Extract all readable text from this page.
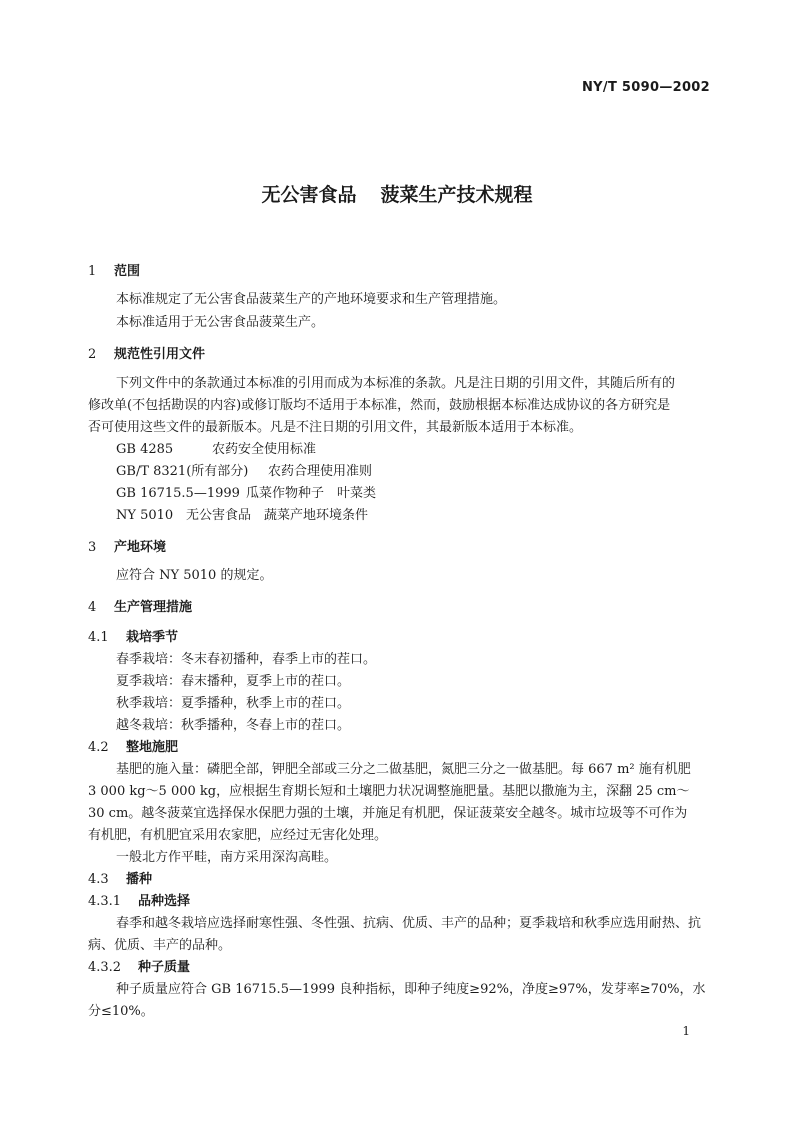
NY/T 5090—2002
无公害食品 菠菜生产技术规程
1 范围
本标准规定了无公害食品菠菜生产的产地环境要求和生产管理措施。
本标准适用于无公害食品菠菜生产。
2 规范性引用文件
下列文件中的条款通过本标准的引用而成为本标准的条款。凡是注日期的引用文件，其随后所有的
修改单(不包括勘误的内容)或修订版均不适用于本标准，然而，鼓励根据本标准达成协议的各方研究是
否可使用这些文件的最新版本。凡是不注日期的引用文件，其最新版本适用于本标准。
GB 4285	农药安全使用标准
GB/T 8321(所有部分) 农药合理使用准则
GB 16715.5—1999 瓜菜作物种子　叶菜类
NY 5010 无公害食品　蔬菜产地环境条件
3 产地环境
应符合 NY 5010 的规定。
4 生产管理措施
4.1 栽培季节
春季栽培：冬末春初播种，春季上市的茬口。
夏季栽培：春末播种，夏季上市的茬口。
秋季栽培：夏季播种，秋季上市的茬口。
越冬栽培：秋季播种，冬春上市的茬口。
4.2 整地施肥
基肥的施入量：磷肥全部，钾肥全部或三分之二做基肥，氮肥三分之一做基肥。每 667 m² 施有机肥
3 000 kg～5 000 kg，应根据生育期长短和土壤肥力状况调整施肥量。基肥以撒施为主，深翻 25 cm～
30 cm。越冬菠菜宜选择保水保肥力强的土壤，并施足有机肥，保证菠菜安全越冬。城市垃圾等不可作为
有机肥，有机肥宜采用农家肥，应经过无害化处理。
一般北方作平畦，南方采用深沟高畦。
4.3 播种
4.3.1 品种选择
春季和越冬栽培应选择耐寒性强、冬性强、抗病、优质、丰产的品种；夏季栽培和秋季应选用耐热、抗
病、优质、丰产的品种。
4.3.2 种子质量
种子质量应符合 GB 16715.5—1999 良种指标，即种子纯度≥92%，净度≥97%，发芽率≥70%，水
分≤10%。
1
